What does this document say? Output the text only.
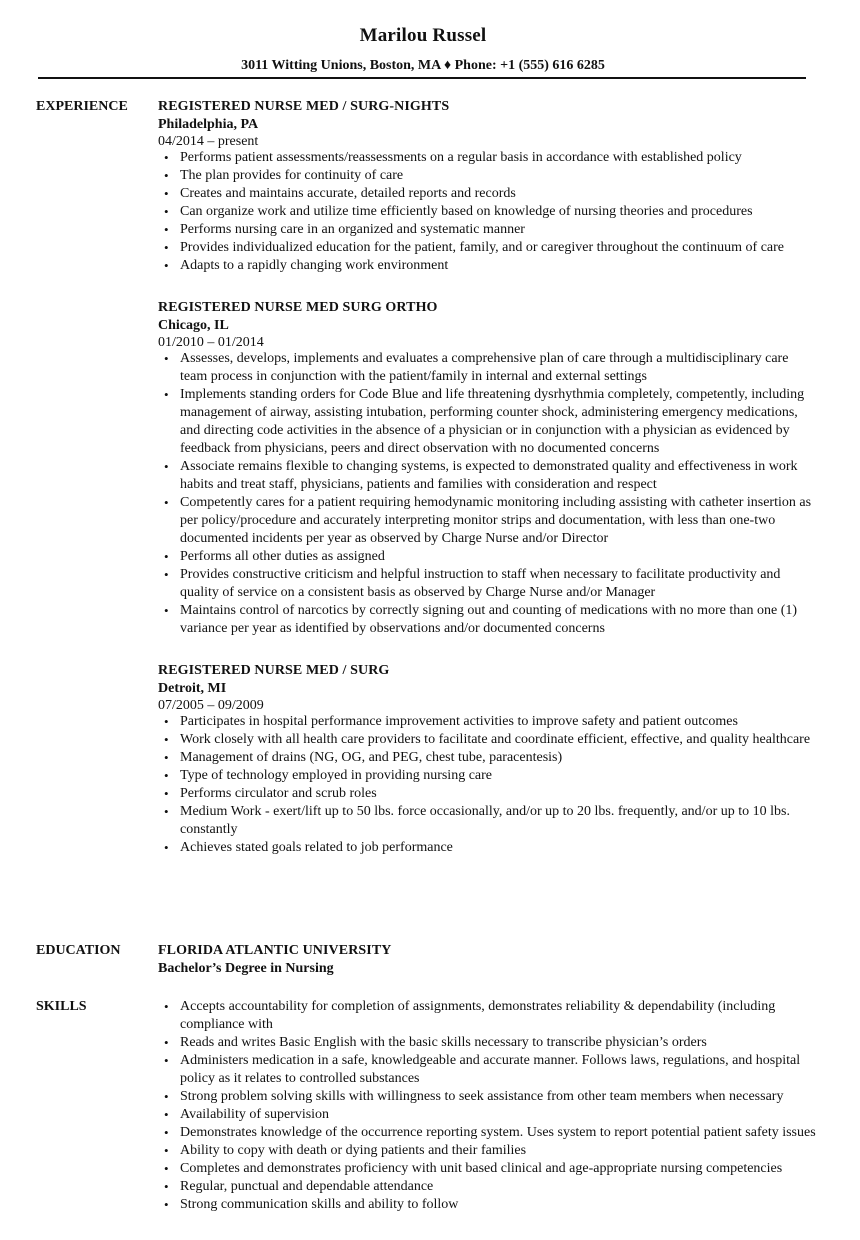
Marilou Russel
3011 Witting Unions, Boston, MA ♦ Phone: +1 (555) 616 6285
EXPERIENCE REGISTERED NURSE MED / SURG-NIGHTS
Philadelphia, PA
04/2014 – present
• Performs patient assessments/reassessments on a regular basis in accordance with established policy
• The plan provides for continuity of care
• Creates and maintains accurate, detailed reports and records
• Can organize work and utilize time efficiently based on knowledge of nursing theories and procedures
• Performs nursing care in an organized and systematic manner
• Provides individualized education for the patient, family, and or caregiver throughout the continuum of care
• Adapts to a rapidly changing work environment
REGISTERED NURSE MED SURG ORTHO
Chicago, IL
01/2010 – 01/2014
• Assesses, develops, implements and evaluates a comprehensive plan of care through a multidisciplinary care team process in conjunction with the patient/family in internal and external settings
• Implements standing orders for Code Blue and life threatening dysrhythmia completely, competently, including management of airway, assisting intubation, performing counter shock, administering emergency medications, and directing code activities in the absence of a physician or in conjunction with a physician as evidenced by feedback from physicians, peers and direct observation with no documented concerns
• Associate remains flexible to changing systems, is expected to demonstrated quality and effectiveness in work habits and treat staff, physicians, patients and families with consideration and respect
• Competently cares for a patient requiring hemodynamic monitoring including assisting with catheter insertion as per policy/procedure and accurately interpreting monitor strips and documentation, with less than one-two documented incidents per year as observed by Charge Nurse and/or Director
• Performs all other duties as assigned
• Provides constructive criticism and helpful instruction to staff when necessary to facilitate productivity and quality of service on a consistent basis as observed by Charge Nurse and/or Manager
• Maintains control of narcotics by correctly signing out and counting of medications with no more than one (1) variance per year as identified by observations and/or documented concerns
REGISTERED NURSE MED / SURG
Detroit, MI
07/2005 – 09/2009
• Participates in hospital performance improvement activities to improve safety and patient outcomes
• Work closely with all health care providers to facilitate and coordinate efficient, effective, and quality healthcare
• Management of drains (NG, OG, and PEG, chest tube, paracentesis)
• Type of technology employed in providing nursing care
• Performs circulator and scrub roles
• Medium Work - exert/lift up to 50 lbs. force occasionally, and/or up to 20 lbs. frequently, and/or up to 10 lbs. constantly
• Achieves stated goals related to job performance
EDUCATION	FLORIDA ATLANTIC UNIVERSITY
Bachelor’s Degree in Nursing
SKILLS
•	Accepts accountability for completion of assignments, demonstrates reliability & dependability (including compliance with
• Reads and writes Basic English with the basic skills necessary to transcribe physician’s orders
• Administers medication in a safe, knowledgeable and accurate manner. Follows laws, regulations, and hospital policy as it relates to controlled substances
• Strong problem solving skills with willingness to seek assistance from other team members when necessary
• Availability of supervision
• Demonstrates knowledge of the occurrence reporting system. Uses system to report potential patient safety issues
• Ability to copy with death or dying patients and their families
• Completes and demonstrates proficiency with unit based clinical and age-appropriate nursing competencies
• Regular, punctual and dependable attendance
• Strong communication skills and ability to follow
